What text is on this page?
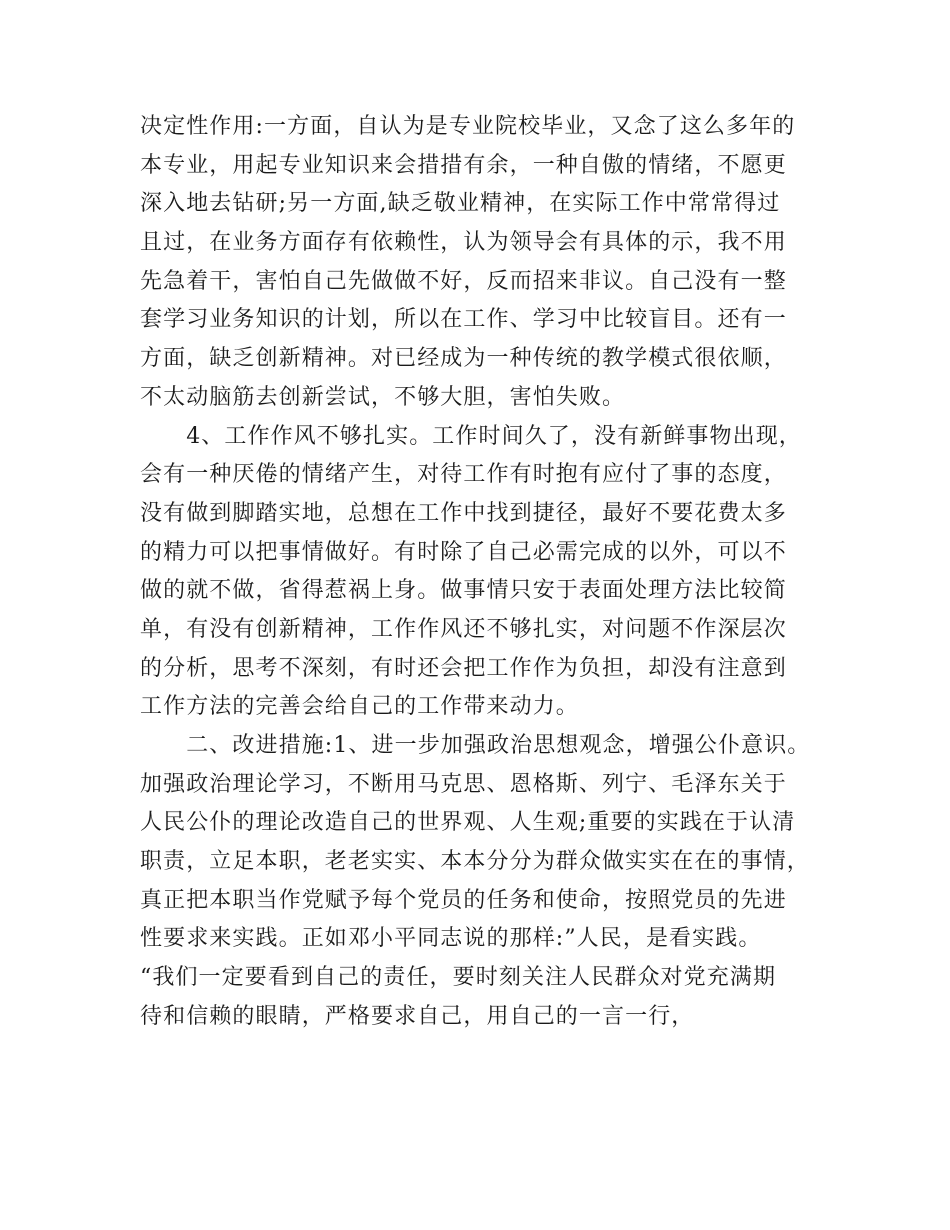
决定性作用:一方面，自认为是专业院校毕业，又念了这么多年的
本专业，用起专业知识来会措措有余，一种自傲的情绪，不愿更
深入地去钻研;另一方面,缺乏敬业精神，在实际工作中常常得过
且过，在业务方面存有依赖性，认为领导会有具体的示，我不用
先急着干，害怕自己先做做不好，反而招来非议。自己没有一整
套学习业务知识的计划，所以在工作、学习中比较盲目。还有一
方面，缺乏创新精神。对已经成为一种传统的教学模式很依顺，
不太动脑筋去创新尝试，不够大胆，害怕失败。
　　4、工作作风不够扎实。工作时间久了，没有新鲜事物出现，
会有一种厌倦的情绪产生，对待工作有时抱有应付了事的态度，
没有做到脚踏实地，总想在工作中找到捷径，最好不要花费太多
的精力可以把事情做好。有时除了自己必需完成的以外，可以不
做的就不做，省得惹祸上身。做事情只安于表面处理方法比较简
单，有没有创新精神，工作作风还不够扎实，对问题不作深层次
的分析，思考不深刻，有时还会把工作作为负担，却没有注意到
工作方法的完善会给自己的工作带来动力。
　　二、改进措施:1、进一步加强政治思想观念，增强公仆意识。
加强政治理论学习，不断用马克思、恩格斯、列宁、毛泽东关于
人民公仆的理论改造自己的世界观、人生观;重要的实践在于认清
职责，立足本职，老老实实、本本分分为群众做实实在在的事情，
真正把本职当作党赋予每个党员的任务和使命，按照党员的先进
性要求来实践。正如邓小平同志说的那样:”人民，是看实践。
“我们一定要看到自己的责任，要时刻关注人民群众对党充满期
待和信赖的眼睛，严格要求自己，用自己的一言一行，
